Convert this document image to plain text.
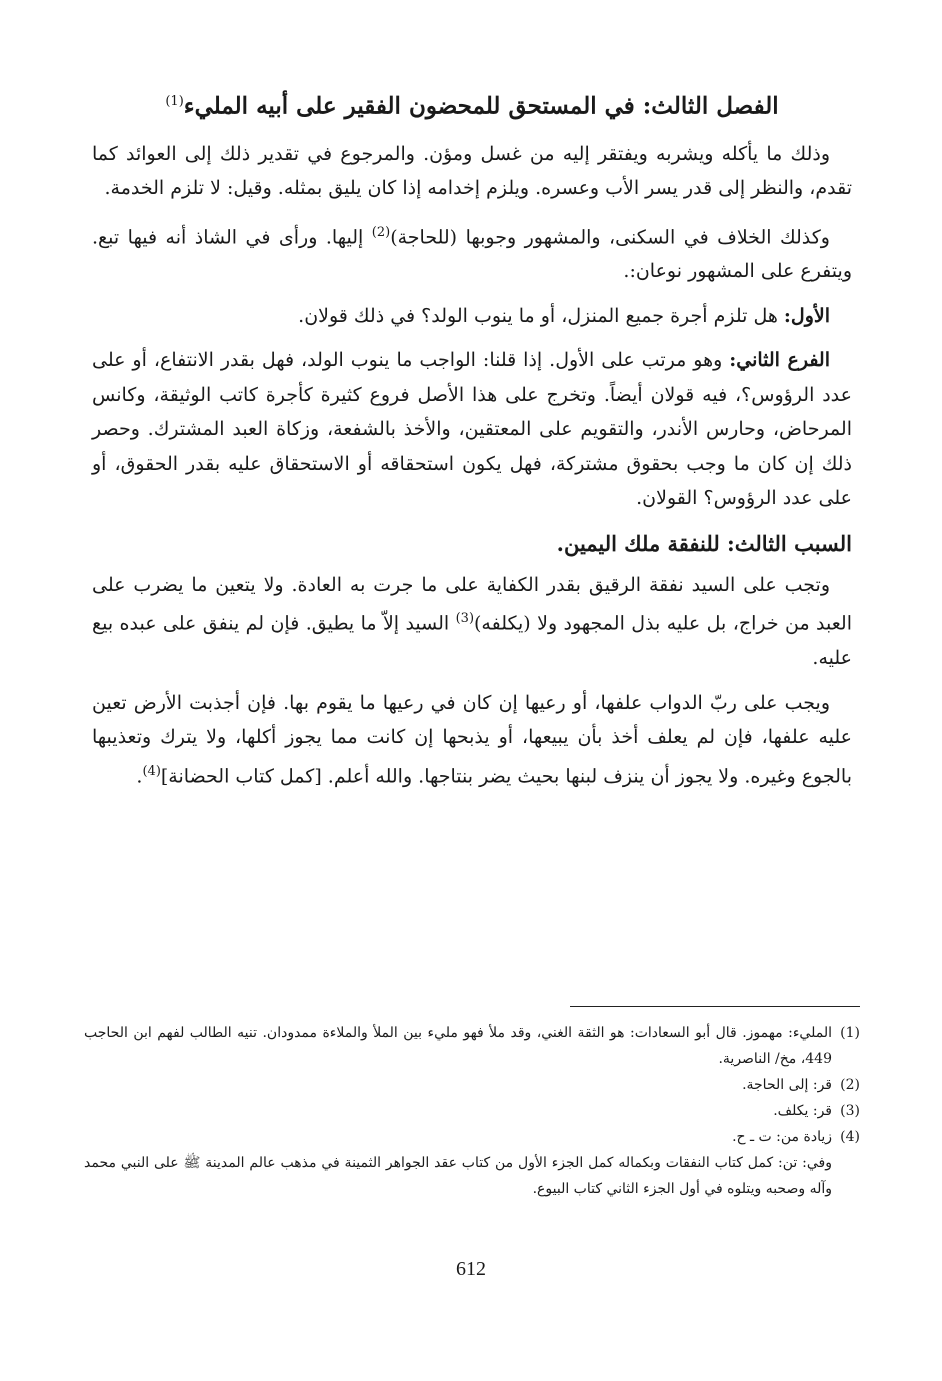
الفصل الثالث: في المستحق للمحضون الفقير على أبيه المليء$^{(1)}$

وذلك ما يأكله ويشربه ويفتقر إليه من غسل ومؤن. والمرجوع في تقدير ذلك إلى العوائد كما تقدم، والنظر إلى قدر يسر الأب وعسره. ويلزم إخدامه إذا كان يليق بمثله. وقيل: لا تلزم الخدمة.

وكذلك الخلاف في السكنى، والمشهور وجوبها (للحاجة)$^{(2)}$ إليها. ورأى في الشاذ أنه فيها تبع. ويتفرع على المشهور نوعان:.

الأول: هل تلزم أجرة جميع المنزل، أو ما ينوب الولد؟ في ذلك قولان.

الفرع الثاني: وهو مرتب على الأول. إذا قلنا: الواجب ما ينوب الولد، فهل بقدر الانتفاع، أو على عدد الرؤوس؟، فيه قولان أيضاً. وتخرج على هذا الأصل فروع كثيرة كأجرة كاتب الوثيقة، وكانس المرحاض، وحارس الأندر، والتقويم على المعتقين، والأخذ بالشفعة، وزكاة العبد المشترك. وحصر ذلك إن كان ما وجب بحقوق مشتركة، فهل يكون استحقاقه أو الاستحقاق عليه بقدر الحقوق، أو على عدد الرؤوس؟ القولان.

السبب الثالث: للنفقة ملك اليمين.

وتجب على السيد نفقة الرقيق بقدر الكفاية على ما جرت به العادة. ولا يتعين ما يضرب على العبد من خراج، بل عليه بذل المجهود ولا (يكلفه)$^{(3)}$ السيد إلاّ ما يطيق. فإن لم ينفق على عبده بيع عليه.

ويجب على ربّ الدواب علفها، أو رعيها إن كان في رعيها ما يقوم بها. فإن أجذبت الأرض تعين عليه علفها، فإن لم يعلف أخذ بأن يبيعها، أو يذبحها إن كانت مما يجوز أكلها، ولا يترك وتعذيبها بالجوع وغيره. ولا يجوز أن ينزف لبنها بحيث يضر بنتاجها. والله أعلم. [كمل كتاب الحضانة]$^{(4)}$.

(1)
المليء: مهموز. قال أبو السعادات: هو الثقة الغني، وقد ملأ فهو مليء بين الملأ والملاءة ممدودان. تنيه الطالب لفهم ابن الحاجب 449، مخ/ الناصرية.
(2)
قر: إلى الحاجة.
(3)
قر: يكلف.
(4)
زيادة من: ت ـ ح.
وفي: تن: كمل كتاب النفقات وبكماله كمل الجزء الأول من كتاب عقد الجواهر الثمينة في مذهب عالم المدينة ﷺ على النبي محمد وآله وصحبه ويتلوه في أول الجزء الثاني كتاب البيوع.
612
